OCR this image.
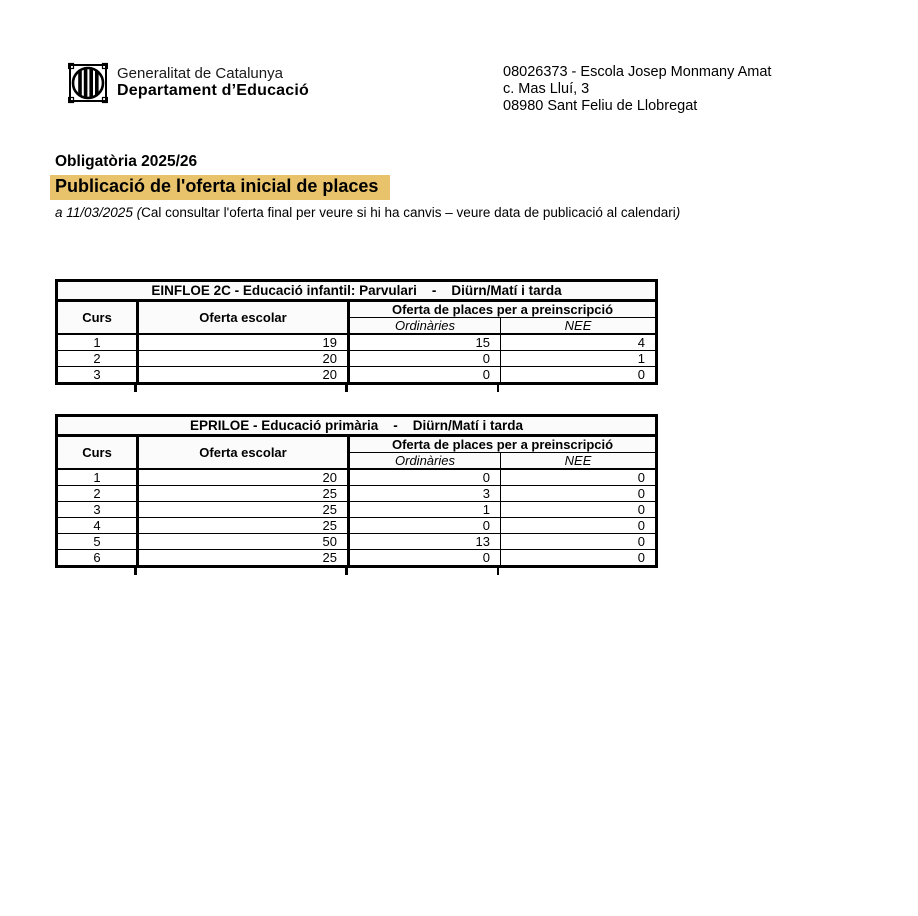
Generalitat de Catalunya
Departament d’Educació
08026373 - Escola Josep Monmany Amat
c. Mas Lluí, 3
08980 Sant Feliu de Llobregat
Obligatòria 2025/26
Publicació de l'oferta inicial de places
a 11/03/2025 (Cal consultar l'oferta final per veure si hi ha canvis – veure data de publicació al calendari)
EINFLOE 2C - Educació infantil: Parvulari    -    Diürn/Matí i tarda			
Curs	Oferta escolar	Oferta de places per a preinscripció	
		Ordinàries	NEE
1	19	15	4
2	20	0	1
3	20	0	0
EPRILOE - Educació primària    -    Diürn/Matí i tarda			
Curs	Oferta escolar	Oferta de places per a preinscripció	
		Ordinàries	NEE
1	20	0	0
2	25	3	0
3	25	1	0
4	25	0	0
5	50	13	0
6	25	0	0
